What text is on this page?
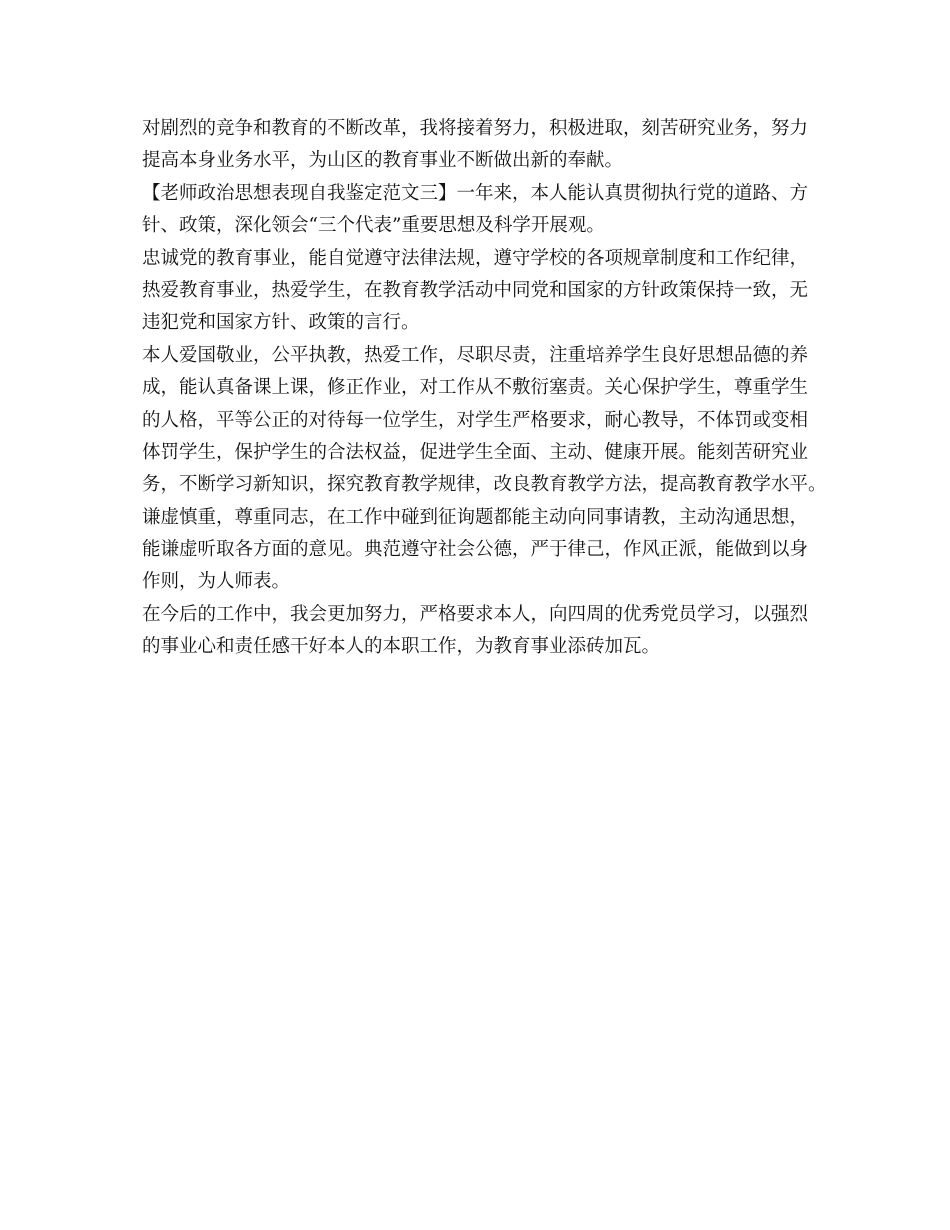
对剧烈的竞争和教育的不断改革，我将接着努力，积极进取，刻苦研究业务，努力
提高本身业务水平，为山区的教育事业不断做出新的奉献。
【老师政治思想表现自我鉴定范文三】一年来，本人能认真贯彻执行党的道路、方
针、政策，深化领会“三个代表”重要思想及科学开展观。
忠诚党的教育事业，能自觉遵守法律法规，遵守学校的各项规章制度和工作纪律，
热爱教育事业，热爱学生，在教育教学活动中同党和国家的方针政策保持一致，无
违犯党和国家方针、政策的言行。
本人爱国敬业，公平执教，热爱工作，尽职尽责，注重培养学生良好思想品德的养
成，能认真备课上课，修正作业，对工作从不敷衍塞责。关心保护学生，尊重学生
的人格，平等公正的对待每一位学生，对学生严格要求，耐心教导，不体罚或变相
体罚学生，保护学生的合法权益，促进学生全面、主动、健康开展。能刻苦研究业
务，不断学习新知识，探究教育教学规律，改良教育教学方法，提高教育教学水平。
谦虚慎重，尊重同志，在工作中碰到征询题都能主动向同事请教，主动沟通思想，
能谦虚听取各方面的意见。典范遵守社会公德，严于律己，作风正派，能做到以身
作则，为人师表。
在今后的工作中，我会更加努力，严格要求本人，向四周的优秀党员学习，以强烈
的事业心和责任感干好本人的本职工作，为教育事业添砖加瓦。
